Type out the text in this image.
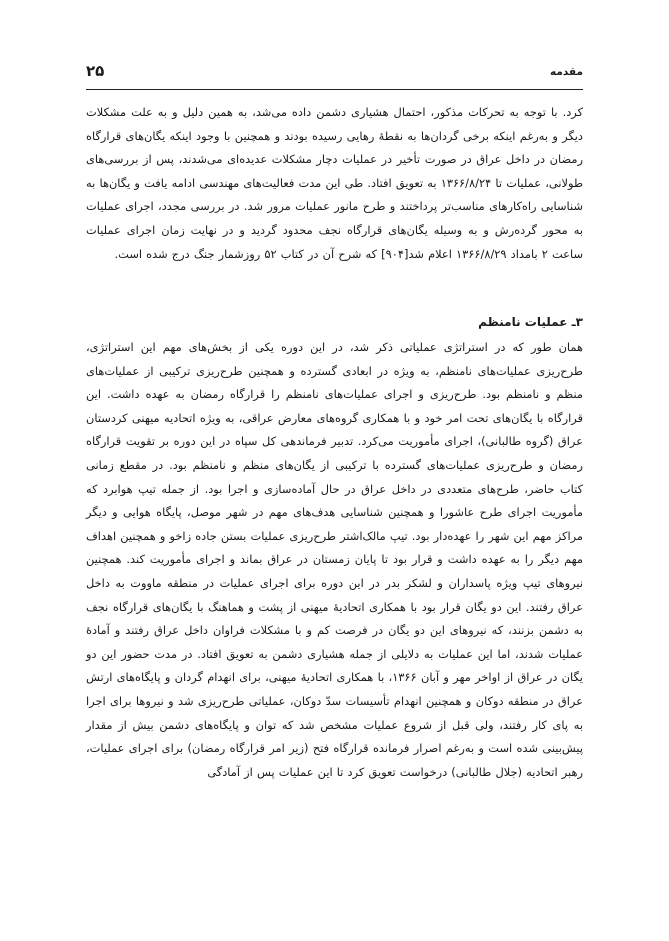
مقدمه
۲۵

کرد. با توجه به تحرکات مذکور، احتمال هشیاری دشمن داده می‌شد، به همین دلیل و به علت مشکلات دیگر و به‌رغم اینکه برخی گردان‌ها به نقطهٔ رهایی رسیده بودند و همچنین با وجود اینکه یگان‌های قرارگاه رمضان در داخل عراق در صورت تأخیر در عملیات دچار مشکلات عدیده‌ای می‌شدند، پس از بررسی‌های طولانی، عملیات تا ۱۳۶۶/۸/۲۴ به تعویق افتاد. طی این مدت فعالیت‌های مهندسی ادامه یافت و یگان‌ها به شناسایی راه‌کارهای مناسب‌تر پرداختند و طرح مانور عملیات مرور شد. در بررسی مجدد، اجرای عملیات به محور گرده‌رش و به وسیله یگان‌های قرارگاه نجف محدود گردید و در نهایت زمان اجرای عملیات ساعت ۲ بامداد ۱۳۶۶/۸/۲۹ اعلام شد[۹۰۴] که شرح آن در کتاب ۵۲ روزشمار جنگ درج شده است.

۳ـ عملیات نامنظم

همان طور که در استراتژی عملیاتی ذکر شد، در این دوره یکی از بخش‌های مهم این استراتژی، طرح‌ریزی عملیات‌های نامنظم، به ویژه در ابعادی گسترده و همچنین طرح‌ریزی ترکیبی از عملیات‌های منظم و نامنظم بود. طرح‌ریزی و اجرای عملیات‌های نامنظم را قرارگاه رمضان به عهده داشت. این قرارگاه با یگان‌های تحت امر خود و با همکاری گروه‌های معارض عراقی، به ویژه اتحادیه میهنی کردستان عراق (گروه طالبانی)، اجرای مأموریت می‌کرد. تدبیر فرماندهی کل سپاه در این دوره بر تقویت قرارگاه رمضان و طرح‌ریزی عملیات‌های گسترده با ترکیبی از یگان‌های منظم و نامنظم بود. در مقطع زمانی کتاب حاضر، طرح‌های متعددی در داخل عراق در حال آماده‌سازی و اجرا بود. از جمله تیپ هوابرد که مأموریت اجرای طرح عاشورا و همچنین شناسایی هدف‌های مهم در شهر موصل، پایگاه هوایی و دیگر مراکز مهم این شهر را عهده‌دار بود. تیپ مالک‌اشتر طرح‌ریزی عملیات بستن جاده زاخو و همچنین اهداف مهم دیگر را به عهده داشت و قرار بود تا پایان زمستان در عراق بماند و اجرای مأموریت کند. همچنین نیروهای تیپ ویژه پاسداران و لشکر بدر در این دوره برای اجرای عملیات در منطقه ماووت به داخل عراق رفتند. این دو یگان قرار بود با همکاری اتحادیهٔ میهنی از پشت و هماهنگ با یگان‌های قرارگاه نجف به دشمن بزنند، که نیروهای این دو یگان در فرصت کم و با مشکلات فراوان داخل عراق رفتند و آمادهٔ عملیات شدند، اما این عملیات به دلایلی از جمله هشیاری دشمن به تعویق افتاد. در مدت حضور این دو یگان در عراق از اواخر مهر و آبان ۱۳۶۶، با همکاری اتحادیهٔ میهنی، برای انهدام گردان و پایگاه‌های ارتش عراق در منطقه دوکان و همچنین انهدام تأسیسات سدّ دوکان، عملیاتی طرح‌ریزی شد و نیروها برای اجرا به پای کار رفتند، ولی قبل از شروع عملیات مشخص شد که توان و پایگاه‌های دشمن بیش از مقدار پیش‌بینی شده است و به‌رغم اصرار فرمانده قرارگاه فتح (زیر امر قرارگاه رمضان) برای اجرای عملیات، رهبر اتحادیه (جلال طالبانی) درخواست تعویق کرد تا این عملیات پس از آمادگی
